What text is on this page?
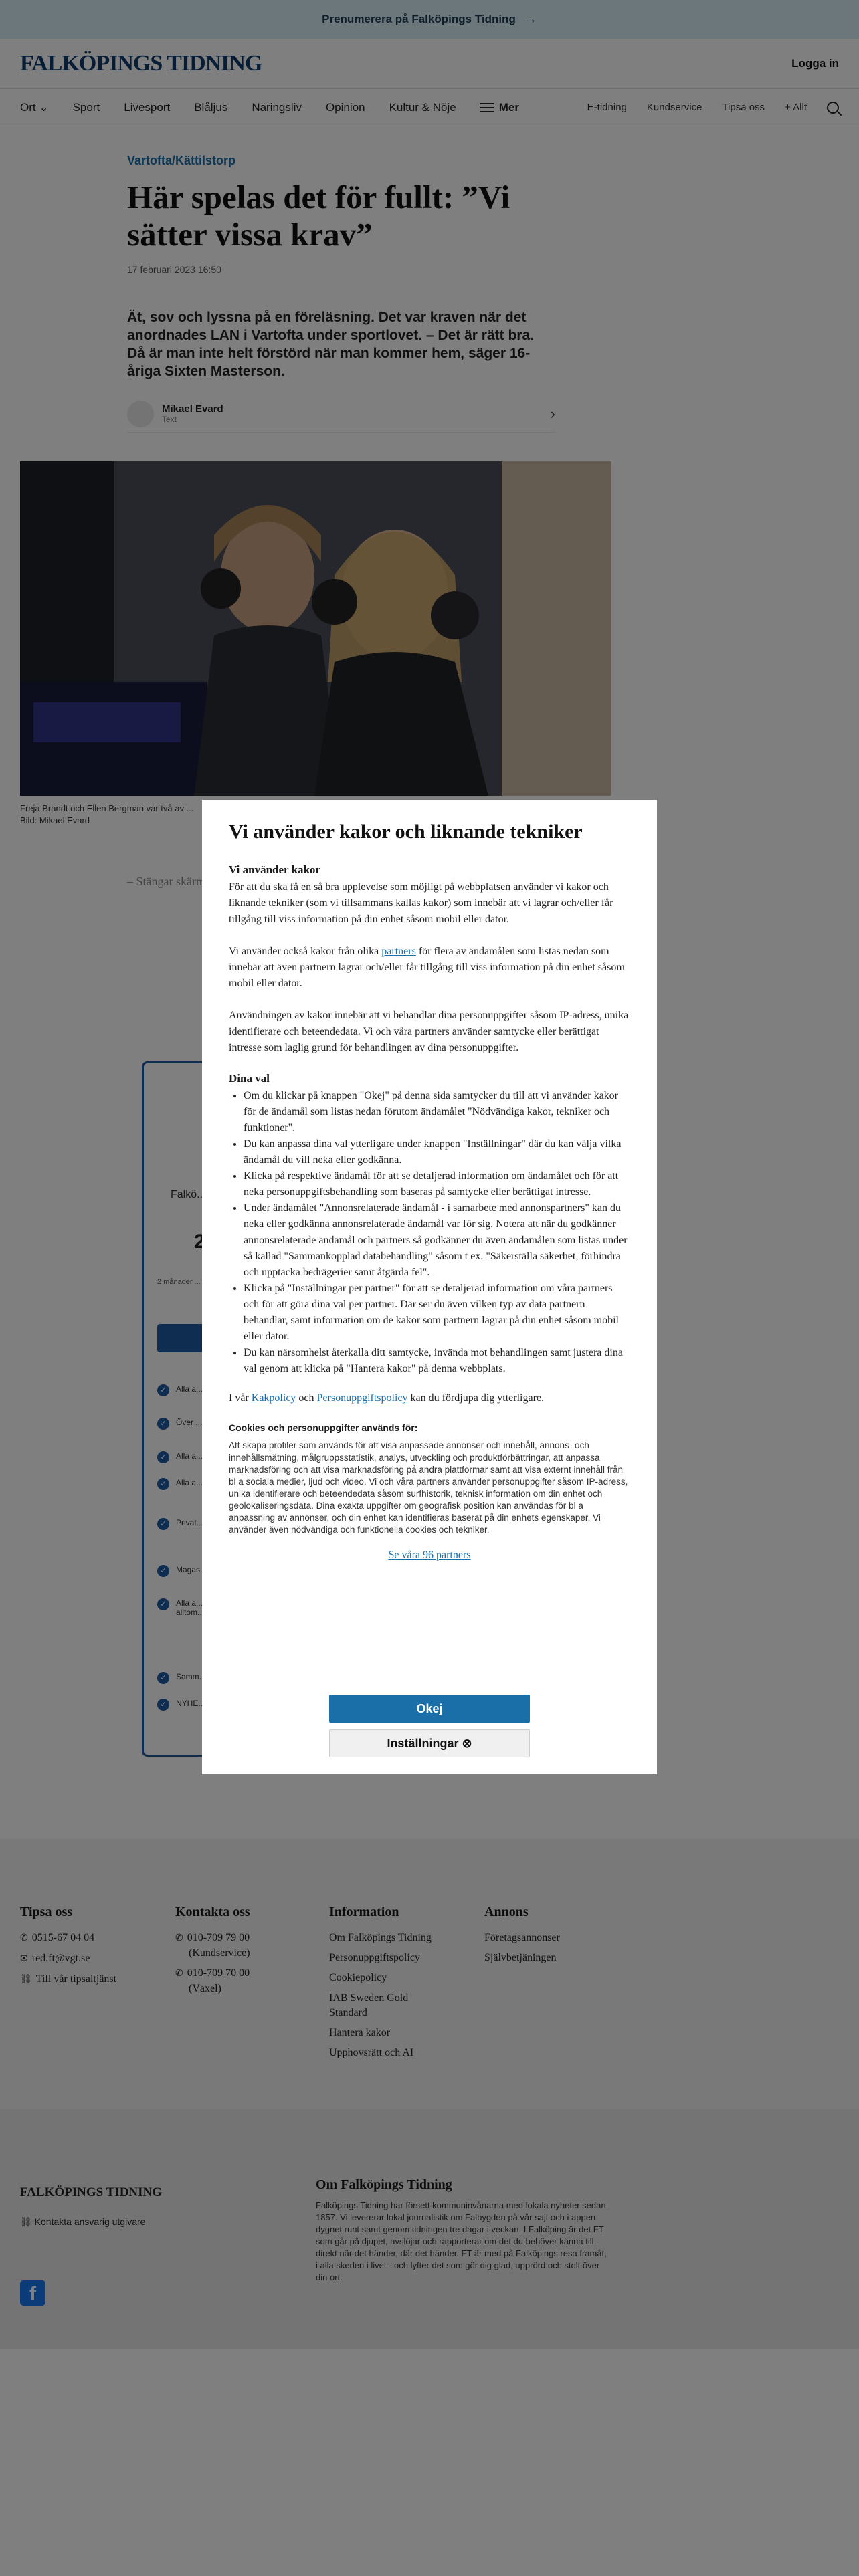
Vi använder kakor och liknande tekniker
Vi använder kakor

För att du ska få en så bra upplevelse som möjligt på webbplatsen använder vi kakor och liknande tekniker (som vi tillsammans kallas kakor) som innebär att vi lagrar och/eller får tillgång till viss information på din enhet såsom mobil eller dator.

Vi använder också kakor från olika partners för flera av ändamålen som listas nedan som innebär att även partnern lagrar och/eller får tillgång till viss information på din enhet såsom mobil eller dator.

Användningen av kakor innebär att vi behandlar dina personuppgifter såsom IP-adress, unika identifierare och beteendedata. Vi och våra partners använder samtycke eller berättigat intresse som laglig grund för behandlingen av dina personuppgifter.

Dina val
• Om du klickar på knappen "Okej" på denna sida samtycker du till att vi använder kakor för de ändamål som listas nedan förutom ändamålet "Nödvändiga kakor, tekniker och funktioner".
• Du kan anpassa dina val ytterligare under knappen "Inställningar" där du kan välja vilka ändamål du vill neka eller godkänna.
• Klicka på respektive ändamål för att se detaljerad information om ändamålet och för att neka personuppgiftsbehandling som baseras på samtycke eller berättigat intresse.
• Under ändamålet "Annonsrelaterade ändamål - i samarbete med annonspartners" kan du neka eller godkänna annonsrelaterade ändamål var för sig. Notera att när du godkänner annonsrelaterade ändamål och partners så godkänner du även ändamålen som listas under så kallad "Sammankopplad databehandling" såsom t ex. "Säkerställa säkerhet, förhindra och upptäcka bedrägerier samt åtgärda fel".
• Klicka på "Inställningar per partner" för att se detaljerad information om våra partners och för att göra dina val per partner. Där ser du även vilken typ av data partnern behandlar, samt information om de kakor som partnern lagrar på din enhet såsom mobil eller dator.
• Du kan närsomhelst återkalla ditt samtycke, invända mot behandlingen samt justera dina val genom att klicka på "Hantera kakor" på denna webbplats.

I vår Kakpolicy och Personuppgiftspolicy kan du fördjupa dig ytterligare.

Cookies och personuppgifter används för:

Att skapa profiler som används för att visa anpassade annonser och innehåll, annons- och innehållsmätning, målgruppsstatistik, analys, utveckling och produktförbättringar, att anpassa marknadsföring och att visa marknadsföring på andra plattformar samt att visa externt innehåll från bl a sociala medier, ljud och video. Vi och våra partners använder personuppgifter såsom IP-adress, unika identifierare och beteendedata såsom surfhistorik, teknisk information om din enhet och geolokaliseringsdata. Dina exakta uppgifter om geografisk position kan användas för bl a anpassning av annonser, och din enhet kan identifieras baserat på din enhets egenskaper. Vi använder även nödvändiga och funktionella cookies och tekniker.

Se våra 96 partners
Okej
Inställningar ⊗
